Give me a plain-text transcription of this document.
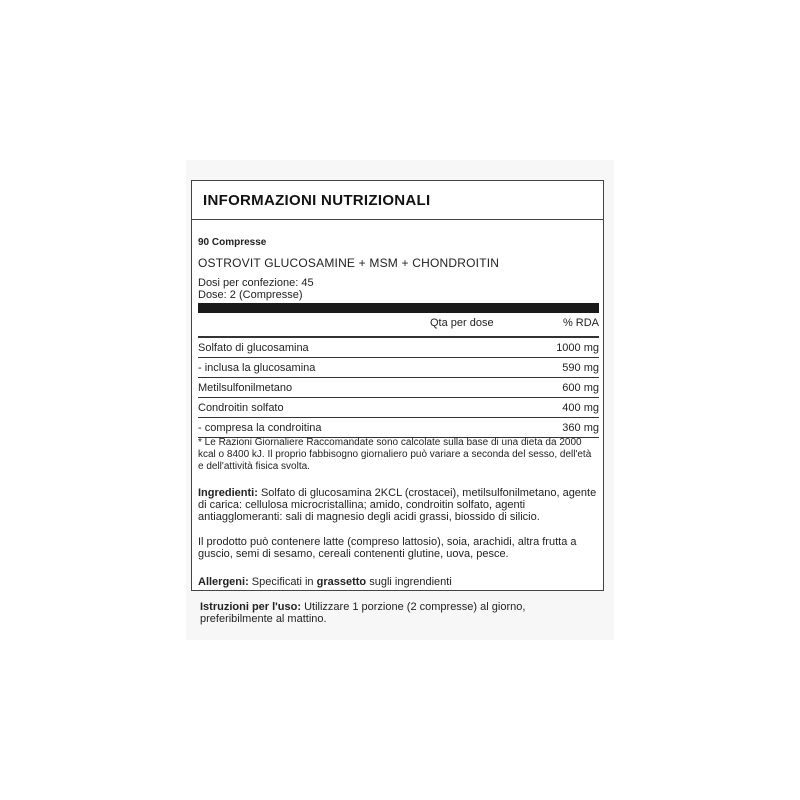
INFORMAZIONI NUTRIZIONALI
90 Compresse
OSTROVIT GLUCOSAMINE + MSM + CHONDROITIN
Dosi per confezione: 45
Dose: 2 (Compresse)
Qta per dose	% RDA
Solfato di glucosamina	1000 mg
- inclusa la glucosamina	590 mg
Metilsulfonilmetano	600 mg
Condroitin solfato	400 mg
- compresa la condroitina	360 mg
* Le Razioni Giornaliere Raccomandate sono calcolate sulla base di una dieta da 2000 kcal o 8400 kJ. Il proprio fabbisogno giornaliero può variare a seconda del sesso, dell'età e dell'attività fisica svolta.
Ingredienti: Solfato di glucosamina 2KCL (crostacei), metilsulfonilmetano, agente di carica: cellulosa microcristallina; amido, condroitin solfato, agenti antiagglomeranti: sali di magnesio degli acidi grassi, biossido di silicio.
Il prodotto può contenere latte (compreso lattosio), soia, arachidi, altra frutta a guscio, semi di sesamo, cereali contenenti glutine, uova, pesce.
Allergeni: Specificati in grassetto sugli ingrendienti
Istruzioni per l'uso: Utilizzare 1 porzione (2 compresse) al giorno, preferibilmente al mattino.
